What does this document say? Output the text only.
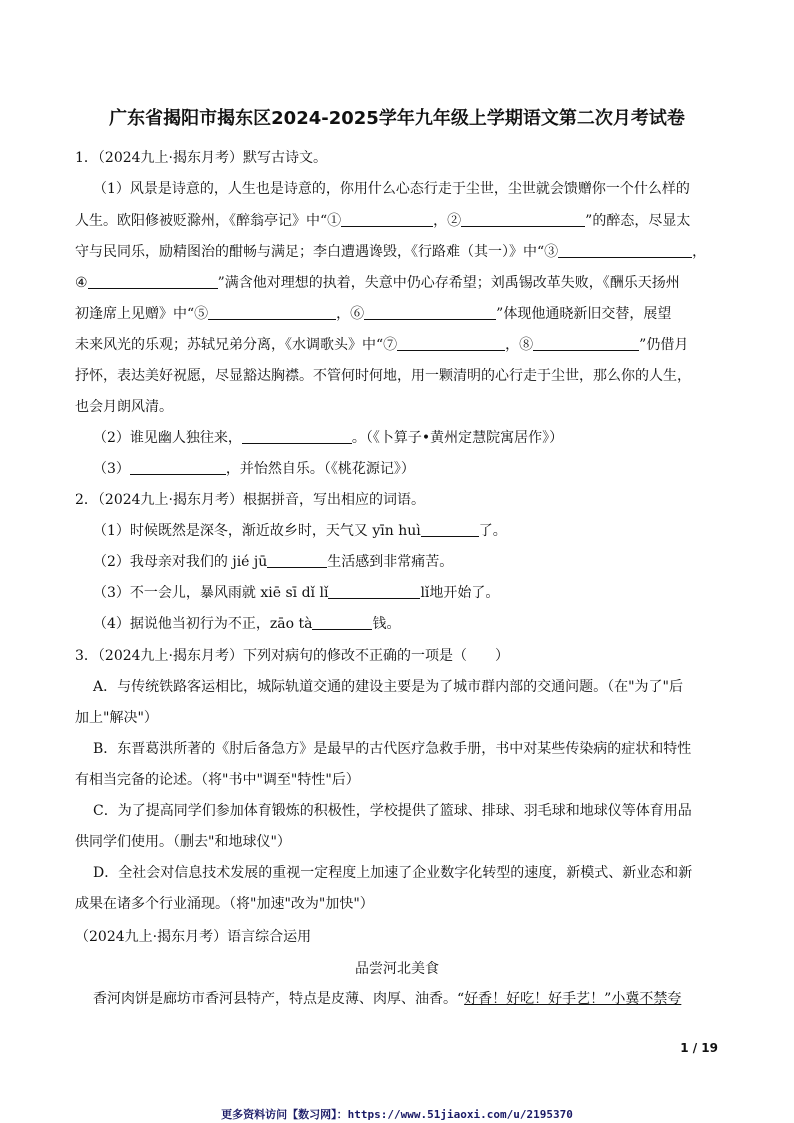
广东省揭阳市揭东区2024-2025学年九年级上学期语文第二次月考试卷
1．（2024九上·揭东月考）默写古诗文。
（1）风景是诗意的，人生也是诗意的，你用什么心态行走于尘世，尘世就会馈赠你一个什么样的
人生。欧阳修被贬滁州，《醉翁亭记》中“①	，②	”的醉态，尽显太
守与民同乐，励精图治的酣畅与满足；李白遭遇谗毁，《行路难（其一）》中“③	，
④	”满含他对理想的执着，失意中仍心存希望；刘禹锡改革失败，《酬乐天扬州
初逢席上见赠》中“⑤	，⑥	”体现他通晓新旧交替，展望
未来风光的乐观；苏轼兄弟分离，《水调歌头》中“⑦	，⑧	”仍借月
抒怀，表达美好祝愿，尽显豁达胸襟。不管何时何地，用一颗清明的心行走于尘世，那么你的人生，
也会月朗风清。
（2）谁见幽人独往来，	。（《卜算子•黄州定慧院寓居作》）
（3）	，并怡然自乐。（《桃花源记》）
2．（2024九上·揭东月考）根据拼音，写出相应的词语。
（1）时候既然是深冬，渐近故乡时，天气又 yīn huì	了。
（2）我母亲对我们的 jié jū	生活感到非常痛苦。
（3）不一会儿，暴风雨就 xiē sī dǐ lǐ	lǐ地开始了。
（4）据说他当初行为不正，zāo tà	钱。
3．（2024九上·揭东月考）下列对病句的修改不正确的一项是（　　）
A．与传统铁路客运相比，城际轨道交通的建设主要是为了城市群内部的交通问题。（在"为了"后
加上"解决"）
B．东晋葛洪所著的《肘后备急方》是最早的古代医疗急救手册，书中对某些传染病的症状和特性
有相当完备的论述。（将"书中"调至"特性"后）
C．为了提高同学们参加体育锻炼的积极性，学校提供了篮球、排球、羽毛球和地球仪等体育用品
供同学们使用。（删去"和地球仪"）
D．全社会对信息技术发展的重视一定程度上加速了企业数字化转型的速度，新模式、新业态和新
成果在诸多个行业涌现。（将"加速"改为"加快"）
（2024九上·揭东月考）语言综合运用
品尝河北美食
香河肉饼是廊坊市香河县特产，特点是皮薄、肉厚、油香。“好香！好吃！好手艺！”小冀不禁夸
1 / 19
更多资料访问【数习网】：https://www.51jiaoxi.com/u/2195370
